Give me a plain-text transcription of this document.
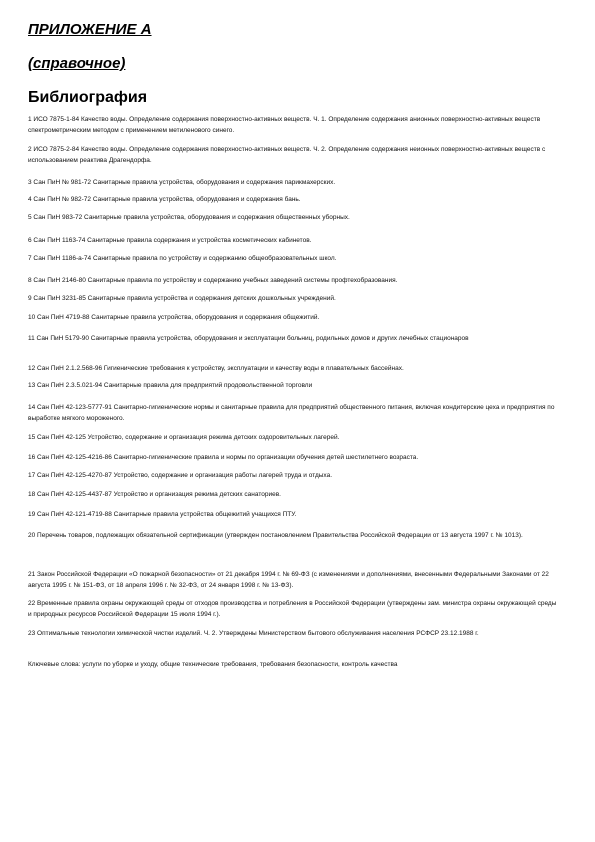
ПРИЛОЖЕНИЕ А
(справочное)
Библиография

1 ИСО 7875-1-84 Качество воды. Определение содержания поверхностно-активных веществ. Ч. 1. Определение содержания анионных поверхностно-активных веществ спектрометрическим методом с применением метиленового синего.

2 ИСО 7875-2-84 Качество воды. Определение содержания поверхностно-активных веществ. Ч. 2. Определение содержания неионных поверхностно-активных веществ с использованием реактива Драгендорфа.

3 Сан ПиН № 981-72 Санитарные правила устройства, оборудования и содержания парикмахерских.

4 Сан ПиН № 982-72 Санитарные правила устройства, оборудования и содержания бань.

5 Сан ПиН 983-72 Санитарные правила устройства, оборудования и содержания общественных уборных.

6 Сан ПиН 1163-74 Санитарные правила содержания и устройства косметических кабинетов.

7 Сан ПиН 1186-а-74 Санитарные правила по устройству и содержанию общеобразовательных школ.

8 Сан ПиН 2146-80 Санитарные правила по устройству и содержанию учебных заведений системы профтехобразования.

9 Сан ПиН 3231-85 Санитарные правила устройства и содержания детских дошкольных учреждений.

10 Сан ПиН 4719-88 Санитарные правила устройства, оборудования и содержания общежитий.

11 Сан ПиН 5179-90 Санитарные правила устройства, оборудования и эксплуатации больниц, родильных домов и других лечебных стационаров

12 Сан ПиН 2.1.2.568-96 Гигиенические требования к устройству, эксплуатации и качеству воды в плавательных бассейнах.

13 Сан ПиН 2.3.5.021-94 Санитарные правила для предприятий продовольственной торговли

14 Сан ПиН 42-123-5777-91 Санитарно-гигиенические нормы и санитарные правила для предприятий общественного питания, включая кондитерские цеха и предприятия по выработке мягкого мороженого.

15 Сан ПиН 42-125 Устройство, содержание и организация режима детских оздоровительных лагерей.

16 Сан ПиН 42-125-4216-86 Санитарно-гигиенические правила и нормы по организации обучения детей шестилетнего возраста.

17 Сан ПиН 42-125-4270-87 Устройство, содержание и организация работы лагерей труда и отдыха.

18 Сан ПиН 42-125-4437-87 Устройство и организация режима детских санаториев.

19 Сан ПиН 42-121-4719-88 Санитарные правила устройства общежитий учащихся ПТУ.

20 Перечень товаров, подлежащих обязательной сертификации (утвержден постановлением Правительства Российской Федерации от 13 августа 1997 г. № 1013).

21 Закон Российской Федерации «О пожарной безопасности» от 21 декабря 1994 г. № 69-ФЗ (с изменениями и дополнениями, внесенными Федеральными Законами от 22 августа 1995 г. № 151-ФЗ, от 18 апреля 1996 г. № 32-ФЗ, от 24 января 1998 г. № 13-ФЗ).

22 Временные правила охраны окружающей среды от отходов производства и потребления в Российской Федерации (утверждены зам. министра охраны окружающей среды и природных ресурсов Российской Федерации 15 июля 1994 г.).

23 Оптимальные технологии химической чистки изделий. Ч. 2. Утверждены Министерством бытового обслуживания населения РСФСР 23.12.1988 г.

Ключевые слова: услуги по уборке и уходу, общие технические требования, требования безопасности, контроль качества
